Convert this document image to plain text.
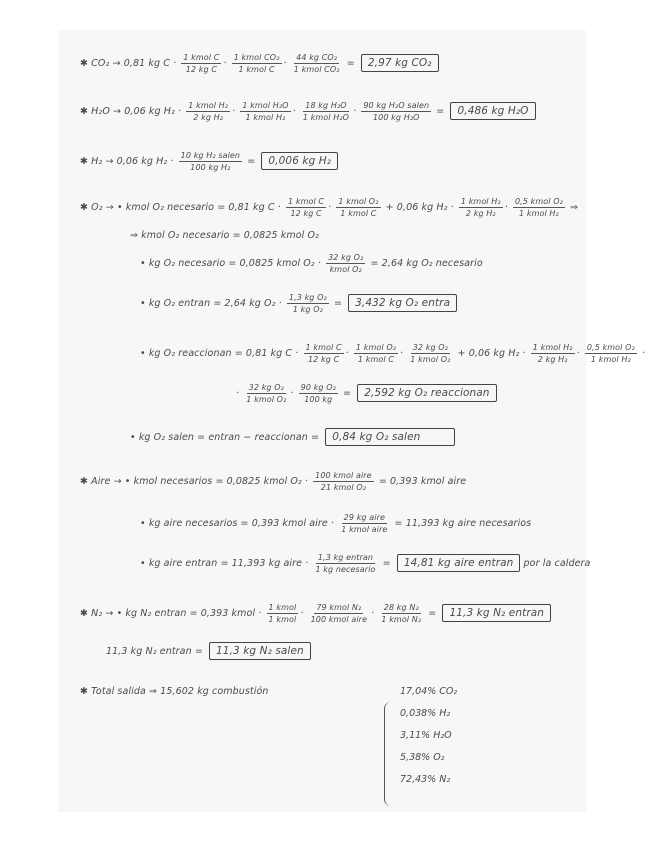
✱ CO₂ → 0,81 kg $C \cdot \frac{\text{1 kmol C}}{\text{12 kg C}} \cdot \frac{\text{1 kmol CO₂}}{\text{1 kmol C}} \cdot \frac{\text{44 kg CO₂}}{\text{1 kmol CO₂}} = 2,97$ kg CO₂
✱ H₂O → 0,06 kg $H_2 \cdot \frac{\text{1 kmol H₂}}{\text{2 kg H₂}} \cdot \frac{\text{1 kmol H₂O}}{\text{1 kmol H₂}} \cdot \frac{\text{18 kg H₂O}}{\text{1 kmol H₂O}} \cdot \frac{\text{90 kg H₂O salen}}{\text{100 kg H₂O}} = 0,486$ kg H₂O
✱ H₂ → 0,06 kg $H_2 \cdot \frac{\text{10 kg H₂ salen}}{\text{100 kg H₂}} = 0,006$ kg H₂
✱ O₂ → • kmol O₂ necesario = 0,81 kg $C \cdot \frac{\text{1 kmol C}}{\text{12 kg C}} \cdot \frac{\text{1 kmol O₂}}{\text{1 kmol C}} + 0,06$ kg $H_2 \cdot \frac{\text{1 kmol H₂}}{\text{2 kg H₂}} \cdot \frac{\text{0,5 kmol O₂}}{\text{1 kmol H₂}}$ ⇒
⇒ kmol O₂ necesario = 0,0825 kmol O₂
• kg O₂ necesario = 0,0825 kmol $O_2 \cdot \frac{\text{32 kg O₂}}{\text{kmol O₂}} = 2,64$ kg O₂ necesario
• kg O₂ entran = 2,64 kg $O_2 \cdot \frac{\text{1,3 kg O₂}}{\text{1 kg O₂}} = 3,432$ kg O₂ entra
• kg O₂ reaccionan = 0,81 kg $C \cdot \frac{\text{1 kmol C}}{\text{12 kg C}} \cdot \frac{\text{1 kmol O₂}}{\text{1 kmol C}} \cdot \frac{\text{32 kg O₂}}{\text{1 kmol O₂}} + 0,06$ kg $H_2 \cdot \frac{\text{1 kmol H₂}}{\text{2 kg H₂}} \cdot \frac{\text{0,5 kmol O₂}}{\text{1 kmol H₂}}$ ·
· $\frac{\text{32 kg O₂}}{\text{1 kmol O₂}} \cdot \frac{\text{90 kg O₂}}{100 kg} = 2,592$ kg O₂ reaccionan
• kg O₂ salen = entran − reaccionan = 0,84 kg O₂ salen
✱ Aire → • kmol necesarios = 0,0825 kmol $O_2 \cdot \frac{\text{100 kmol aire}}{\text{21 kmol O₂}} = 0,393$ kmol aire
• kg aire necesarios = 0,393 kmol aire · $\frac{\text{29 kg aire}}{\text{1 kmol aire}} = 11,393$ kg aire necesarios
• kg aire entran = 11,393 kg aire · $\frac{\text{1,3 kg entran}}{\text{1 kg necesario}} = 14,81$ kg aire entran por la caldera
✱ N₂ → • kg N₂ entran = 0,393 kmol · $\frac{\text{1 kmol}}{\text{1 kmol}} \cdot \frac{\text{79 kmol N₂}}{\text{100 kmol aire}} \cdot \frac{\text{28 kg N₂}}{\text{1 kmol N₂}} = 11,3$ kg N₂ entran
11,3 kg N₂ entran = 11,3 kg N₂ salen
✱ Total salida ⇒ 15,602 kg combustión	17,04% CO₂
0,038% H₂
3,11% H₂O
5,38% O₂
72,43% N₂
